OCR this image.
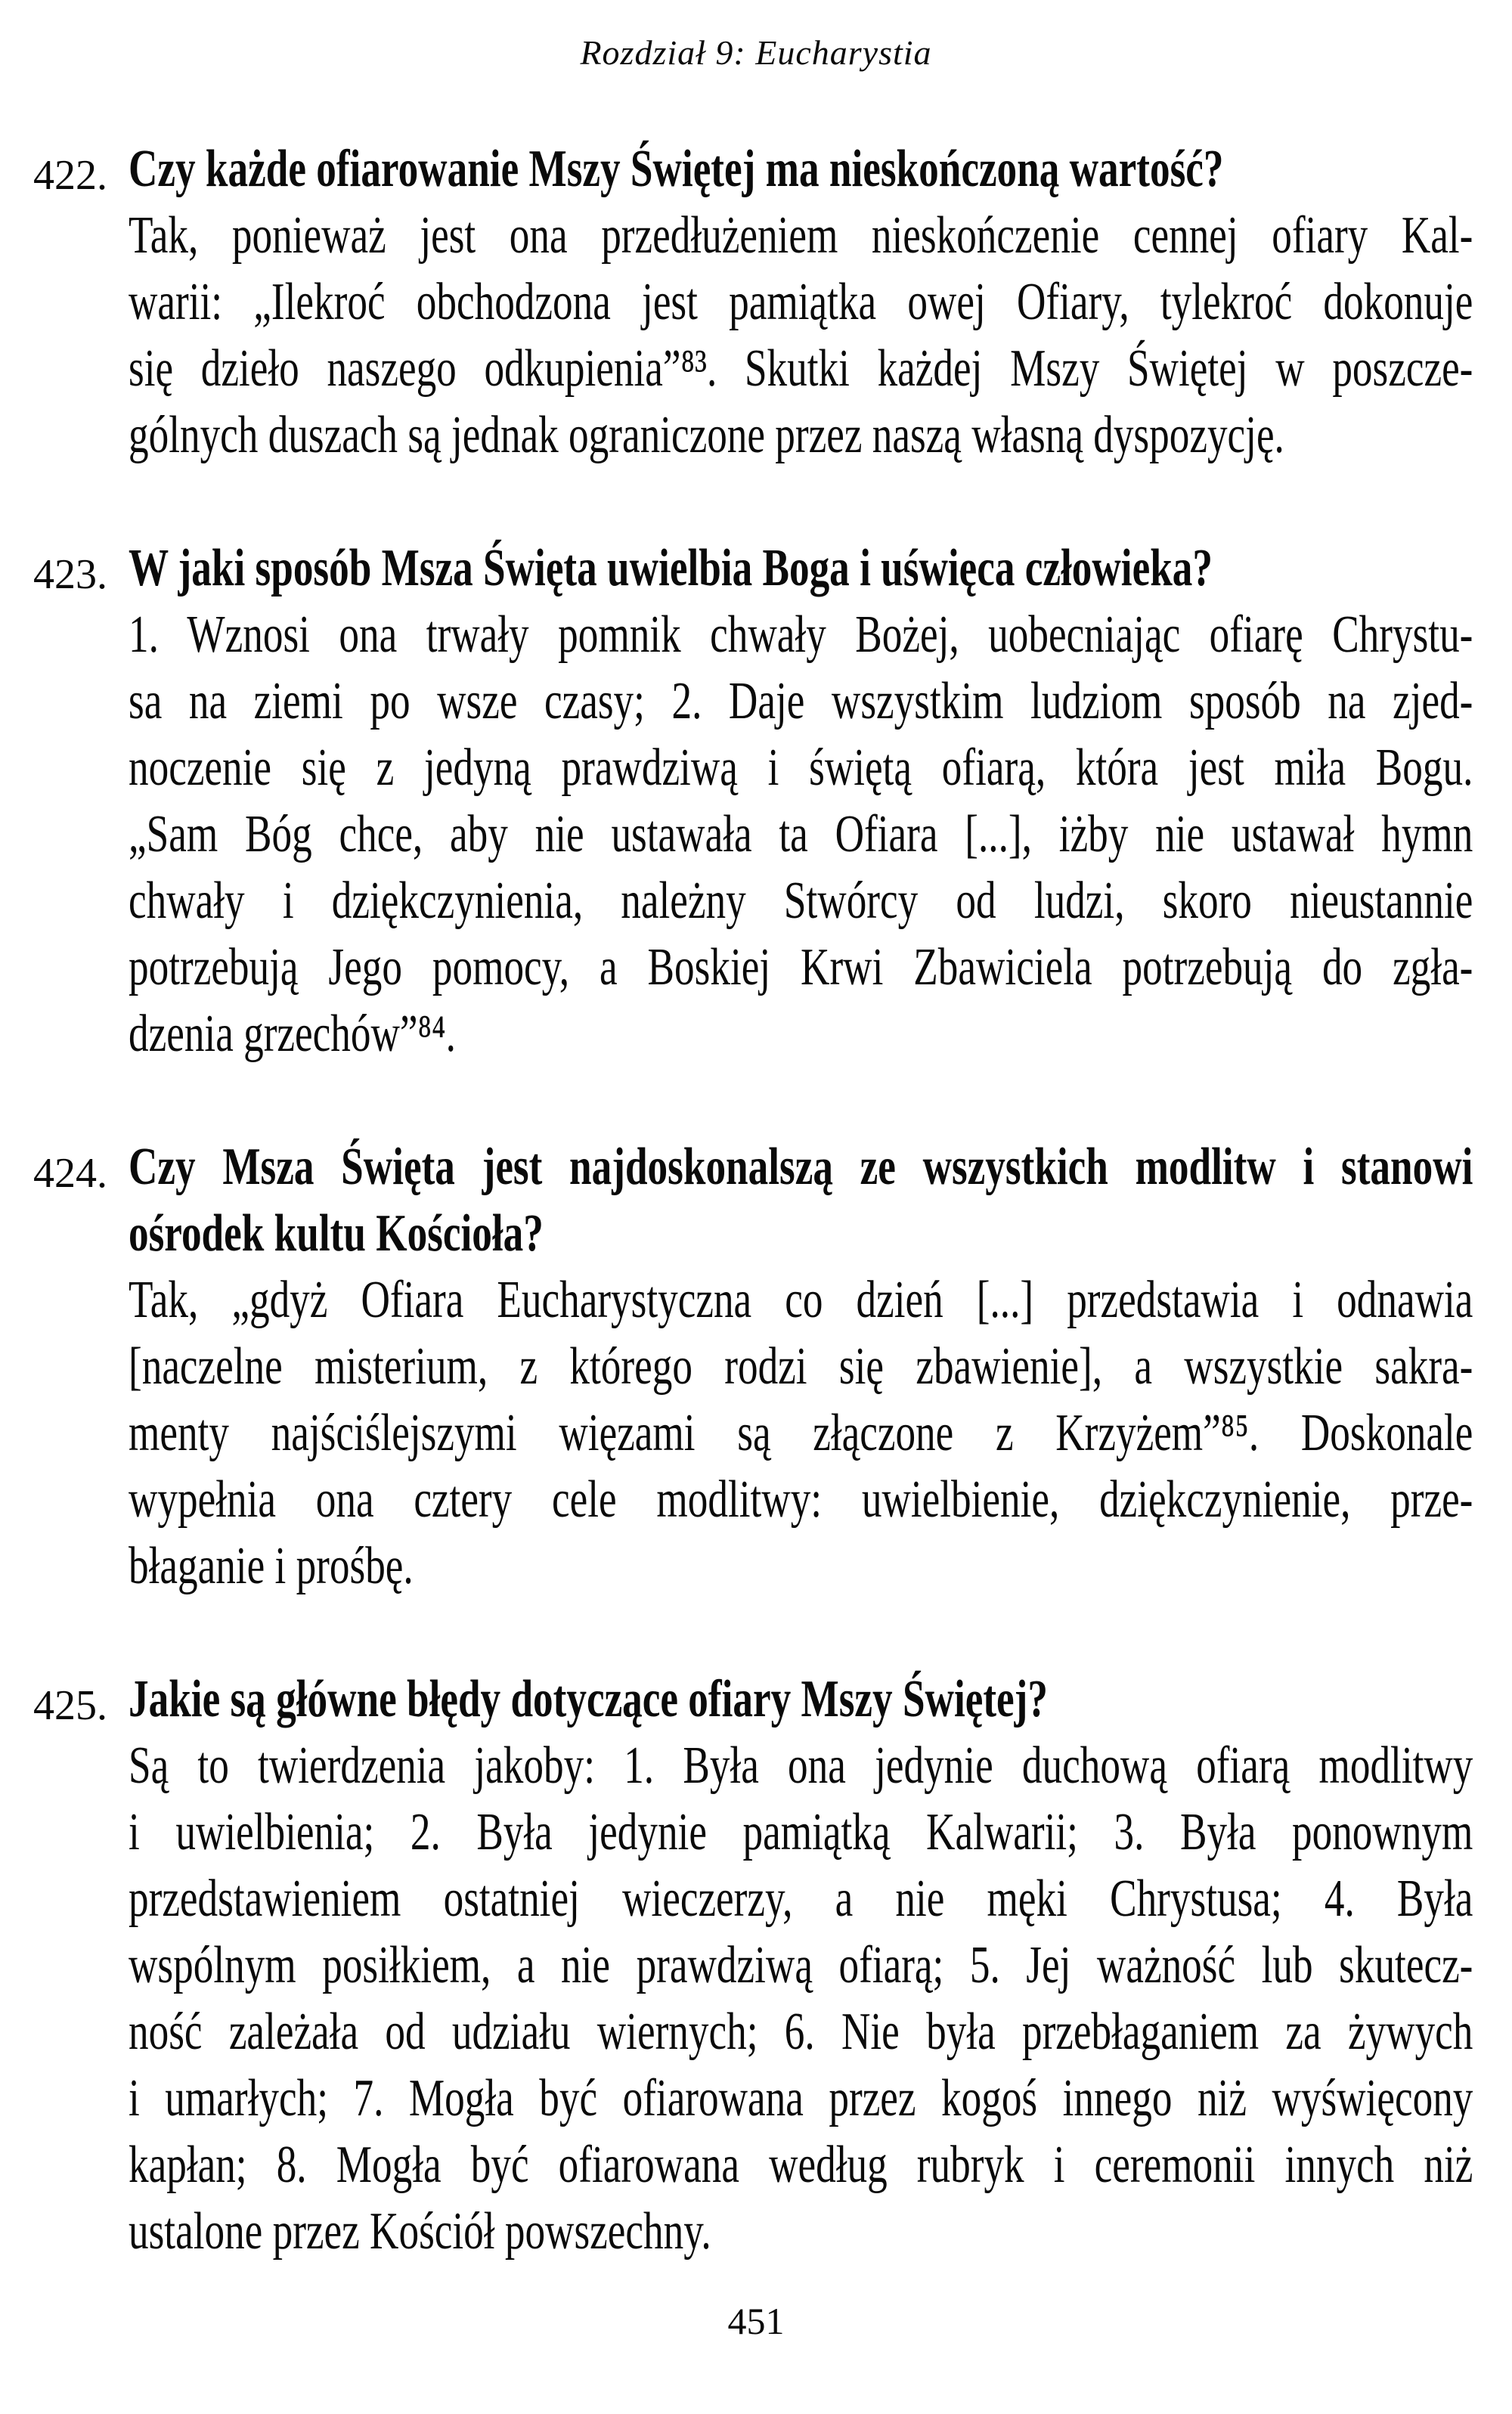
Rozdział 9: Eucharystia
422. Czy każde ofiarowanie Mszy Świętej ma nieskończoną wartość?
Tak, ponieważ jest ona przedłużeniem nieskończenie cennej ofiary Kal-
warii: „Ilekroć obchodzona jest pamiątka owej Ofiary, tylekroć dokonuje
się dzieło naszego odkupienia”⁸³. Skutki każdej Mszy Świętej w poszcze-
gólnych duszach są jednak ograniczone przez naszą własną dyspozycję.
423. W jaki sposób Msza Święta uwielbia Boga i uświęca człowieka?
1. Wznosi ona trwały pomnik chwały Bożej, uobecniając ofiarę Chrystu-
sa na ziemi po wsze czasy; 2. Daje wszystkim ludziom sposób na zjed-
noczenie się z jedyną prawdziwą i świętą ofiarą, która jest miła Bogu.
„Sam Bóg chce, aby nie ustawała ta Ofiara [...], iżby nie ustawał hymn
chwały i dziękczynienia, należny Stwórcy od ludzi, skoro nieustannie
potrzebują Jego pomocy, a Boskiej Krwi Zbawiciela potrzebują do zgła-
dzenia grzechów”⁸⁴.
424. Czy Msza Święta jest najdoskonalszą ze wszystkich modlitw i stanowi
ośrodek kultu Kościoła?
Tak, „gdyż Ofiara Eucharystyczna co dzień [...] przedstawia i odnawia
[naczelne misterium, z którego rodzi się zbawienie], a wszystkie sakra-
menty najściślejszymi więzami są złączone z Krzyżem”⁸⁵. Doskonale
wypełnia ona cztery cele modlitwy: uwielbienie, dziękczynienie, prze-
błaganie i prośbę.
425. Jakie są główne błędy dotyczące ofiary Mszy Świętej?
Są to twierdzenia jakoby: 1. Była ona jedynie duchową ofiarą modlitwy
i uwielbienia; 2. Była jedynie pamiątką Kalwarii; 3. Była ponownym
przedstawieniem ostatniej wieczerzy, a nie męki Chrystusa; 4. Była
wspólnym posiłkiem, a nie prawdziwą ofiarą; 5. Jej ważność lub skutecz-
ność zależała od udziału wiernych; 6. Nie była przebłaganiem za żywych
i umarłych; 7. Mogła być ofiarowana przez kogoś innego niż wyświęcony
kapłan; 8. Mogła być ofiarowana według rubryk i ceremonii innych niż
ustalone przez Kościół powszechny.
451
